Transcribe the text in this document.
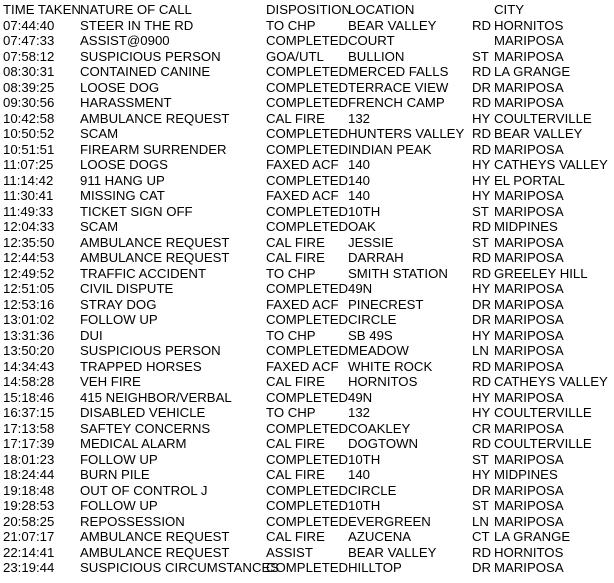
TIME TAKEN	NATURE OF CALL	DISPOSITION	LOCATION		CITY
07:44:40	STEER IN THE RD	TO CHP	BEAR VALLEY	RD	HORNITOS
07:47:33	ASSIST@0900	COMPLETED	COURT		MARIPOSA
07:58:12	SUSPICIOUS PERSON	GOA/UTL	BULLION	ST	MARIPOSA
08:30:31	CONTAINED CANINE	COMPLETED	MERCED FALLS	RD	LA GRANGE
08:39:25	LOOSE DOG	COMPLETED	TERRACE VIEW	DR	MARIPOSA
09:30:56	HARASSMENT	COMPLETED	FRENCH CAMP	RD	MARIPOSA
10:42:58	AMBULANCE REQUEST	CAL FIRE	132	HY	COULTERVILLE
10:50:52	SCAM	COMPLETED	HUNTERS VALLEY	RD	BEAR VALLEY
10:51:51	FIREARM SURRENDER	COMPLETED	INDIAN PEAK	RD	MARIPOSA
11:07:25	LOOSE DOGS	FAXED ACF	140	HY	CATHEYS VALLEY
11:14:42	911 HANG UP	COMPLETED	140	HY	EL PORTAL
11:30:41	MISSING CAT	FAXED ACF	140	HY	MARIPOSA
11:49:33	TICKET SIGN OFF	COMPLETED	10TH	ST	MARIPOSA
12:04:33	SCAM	COMPLETED	OAK	RD	MIDPINES
12:35:50	AMBULANCE REQUEST	CAL FIRE	JESSIE	ST	MARIPOSA
12:44:53	AMBULANCE REQUEST	CAL FIRE	DARRAH	RD	MARIPOSA
12:49:52	TRAFFIC ACCIDENT	TO CHP	SMITH STATION	RD	GREELEY HILL
12:51:05	CIVIL DISPUTE	COMPLETED	49N	HY	MARIPOSA
12:53:16	STRAY DOG	FAXED ACF	PINECREST	DR	MARIPOSA
13:01:02	FOLLOW UP	COMPLETED	CIRCLE	DR	MARIPOSA
13:31:36	DUI	TO CHP	SB 49S	HY	MARIPOSA
13:50:20	SUSPICIOUS PERSON	COMPLETED	MEADOW	LN	MARIPOSA
14:34:43	TRAPPED HORSES	FAXED ACF	WHITE ROCK	RD	MARIPOSA
14:58:28	VEH FIRE	CAL FIRE	HORNITOS	RD	CATHEYS VALLEY
15:18:46	415 NEIGHBOR/VERBAL	COMPLETED	49N	HY	MARIPOSA
16:37:15	DISABLED VEHICLE	TO CHP	132	HY	COULTERVILLE
17:13:58	SAFTEY CONCERNS	COMPLETED	COAKLEY	CR	MARIPOSA
17:17:39	MEDICAL ALARM	CAL FIRE	DOGTOWN	RD	COULTERVILLE
18:01:23	FOLLOW UP	COMPLETED	10TH	ST	MARIPOSA
18:24:44	BURN PILE	CAL FIRE	140	HY	MIDPINES
19:18:48	OUT OF CONTROL J	COMPLETED	CIRCLE	DR	MARIPOSA
19:28:53	FOLLOW UP	COMPLETED	10TH	ST	MARIPOSA
20:58:25	REPOSSESSION	COMPLETED	EVERGREEN	LN	MARIPOSA
21:07:17	AMBULANCE REQUEST	CAL FIRE	AZUCENA	CT	LA GRANGE
22:14:41	AMBULANCE REQUEST	ASSIST	BEAR VALLEY	RD	HORNITOS
23:19:44	SUSPICIOUS CIRCUMSTANCES	COMPLETED	HILLTOP	DR	MARIPOSA
